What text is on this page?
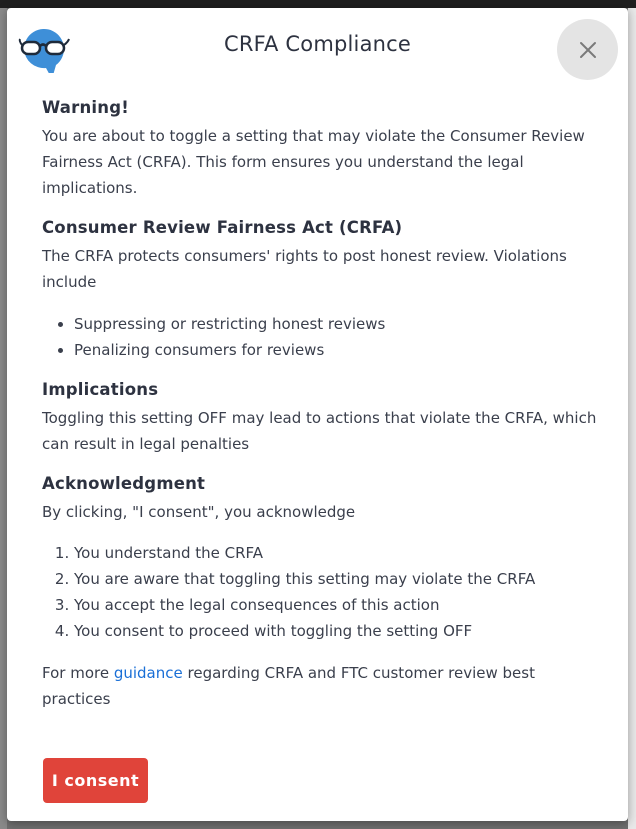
CRFA Compliance
Warning!

You are about to toggle a setting that may violate the Consumer Review Fairness Act (CRFA). This form ensures you understand the legal implications.

Consumer Review Fairness Act (CRFA)

The CRFA protects consumers' rights to post honest review. Violations include

• Suppressing or restricting honest reviews
• Penalizing consumers for reviews
Implications

Toggling this setting OFF may lead to actions that violate the CRFA, which can result in legal penalties

Acknowledgment

By clicking, "I consent", you acknowledge

1. You understand the CRFA
2. You are aware that toggling this setting may violate the CRFA
3. You accept the legal consequences of this action
4. You consent to proceed with toggling the setting OFF

For more guidance regarding CRFA and FTC customer review best practices

I consent
